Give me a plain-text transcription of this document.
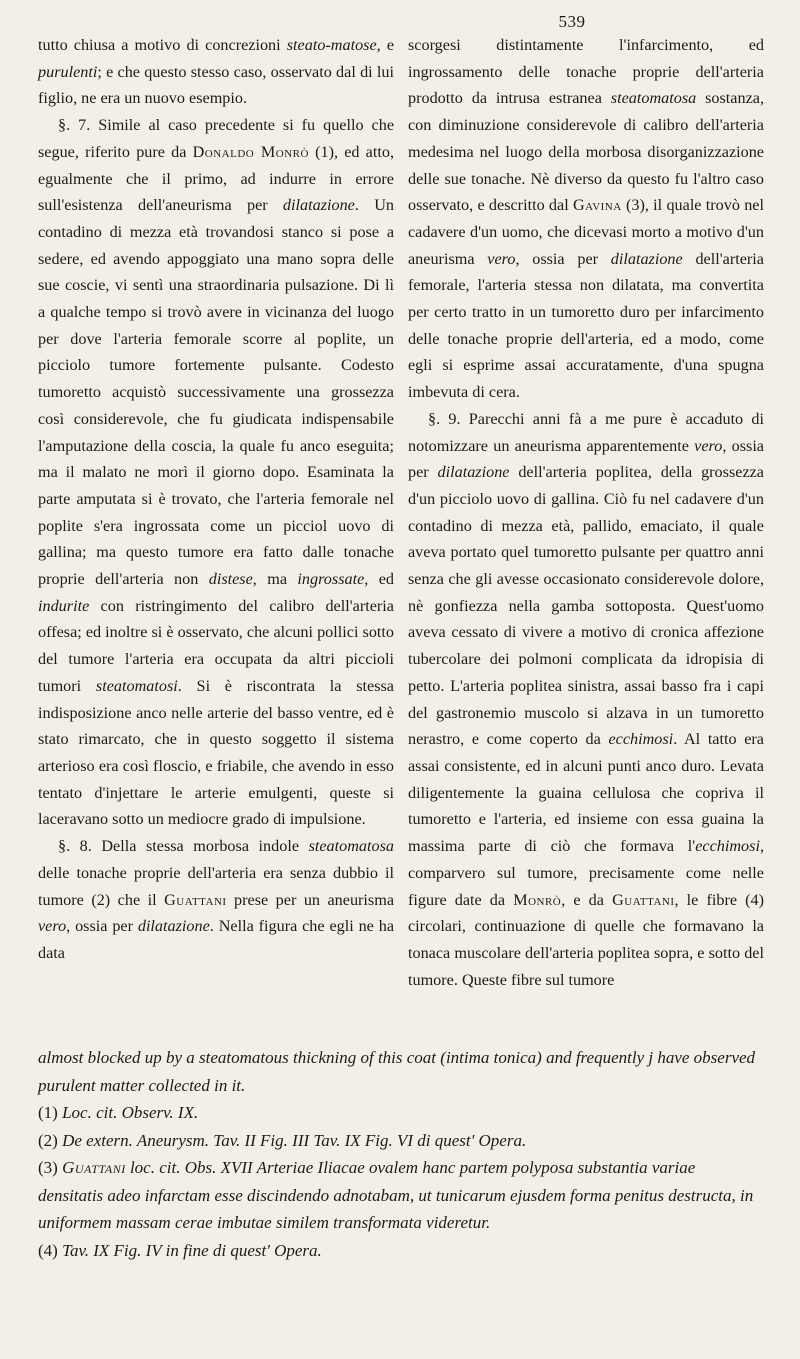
539

tutto chiusa a motivo di concrezioni steato-matose, e purulenti; e che questo stesso caso, osservato dal di lui figlio, ne era un nuovo esempio.

§. 7. Simile al caso precedente si fu quello che segue, riferito pure da Donaldo Monrò (1), ed atto, egualmente che il primo, ad indurre in errore sull'esistenza dell'aneurisma per dilatazione. Un contadino di mezza età trovandosi stanco si pose a sedere, ed avendo appoggiato una mano sopra delle sue coscie, vi sentì una straordinaria pulsazione. Di lì a qualche tempo si trovò avere in vicinanza del luogo per dove l'arteria femorale scorre al poplite, un picciolo tumore fortemente pulsante. Codesto tumoretto acquistò successivamente una grossezza così considerevole, che fu giudicata indispensabile l'amputazione della coscia, la quale fu anco eseguita; ma il malato ne morì il giorno dopo. Esaminata la parte amputata si è trovato, che l'arteria femorale nel poplite s'era ingrossata come un picciol uovo di gallina; ma questo tumore era fatto dalle tonache proprie dell'arteria non distese, ma ingrossate, ed indurite con ristringimento del calibro dell'arteria offesa; ed inoltre si è osservato, che alcuni pollici sotto del tumore l'arteria era occupata da altri piccioli tumori steatomatosi. Si è riscontrata la stessa indisposizione anco nelle arterie del basso ventre, ed è stato rimarcato, che in questo soggetto il sistema arterioso era così floscio, e friabile, che avendo in esso tentato d'injettare le arterie emulgenti, queste si laceravano sotto un mediocre grado di impulsione.

§. 8. Della stessa morbosa indole steatomatosa delle tonache proprie dell'arteria era senza dubbio il tumore (2) che il Guattani prese per un aneurisma vero, ossia per dilatazione. Nella figura che egli ne ha data

scorgesi distintamente l'infarcimento, ed ingrossamento delle tonache proprie dell'arteria prodotto da intrusa estranea steatomatosa sostanza, con diminuzione considerevole di calibro dell'arteria medesima nel luogo della morbosa disorganizzazione delle sue tonache. Nè diverso da questo fu l'altro caso osservato, e descritto dal Gavina (3), il quale trovò nel cadavere d'un uomo, che dicevasi morto a motivo d'un aneurisma vero, ossia per dilatazione dell'arteria femorale, l'arteria stessa non dilatata, ma convertita per certo tratto in un tumoretto duro per infarcimento delle tonache proprie dell'arteria, ed a modo, come egli si esprime assai accuratamente, d'una spugna imbevuta di cera.

§. 9. Parecchi anni fà a me pure è accaduto di notomizzare un aneurisma apparentemente vero, ossia per dilatazione dell'arteria poplitea, della grossezza d'un picciolo uovo di gallina. Ciò fu nel cadavere d'un contadino di mezza età, pallido, emaciato, il quale aveva portato quel tumoretto pulsante per quattro anni senza che gli avesse occasionato considerevole dolore, nè gonfiezza nella gamba sottoposta. Quest'uomo aveva cessato di vivere a motivo di cronica affezione tubercolare dei polmoni complicata da idropisia di petto. L'arteria poplitea sinistra, assai basso fra i capi del gastronemio muscolo si alzava in un tumoretto nerastro, e come coperto da ecchimosi. Al tatto era assai consistente, ed in alcuni punti anco duro. Levata diligentemente la guaina cellulosa che copriva il tumoretto e l'arteria, ed insieme con essa guaina la massima parte di ciò che formava l'ecchimosi, comparvero sul tumore, precisamente come nelle figure date da Monrò, e da Guattani, le fibre (4) circolari, continuazione di quelle che formavano la tonaca muscolare dell'arteria poplitea sopra, e sotto del tumore. Queste fibre sul tumore

almost blocked up by a steatomatous thickning of this coat (intima tonica) and frequently j have observed purulent matter collected in it.

(1) Loc. cit. Observ. IX.

(2) De extern. Aneurysm. Tav. II Fig. III Tav. IX Fig. VI di quest' Opera.

(3) Guattani loc. cit. Obs. XVII Arteriae Iliacae ovalem hanc partem polyposa substantia variae densitatis adeo infarctam esse discindendo adnotabam, ut tunicarum ejusdem forma penitus destructa, in uniformem massam cerae imbutae similem transformata videretur.

(4) Tav. IX Fig. IV in fine di quest' Opera.
